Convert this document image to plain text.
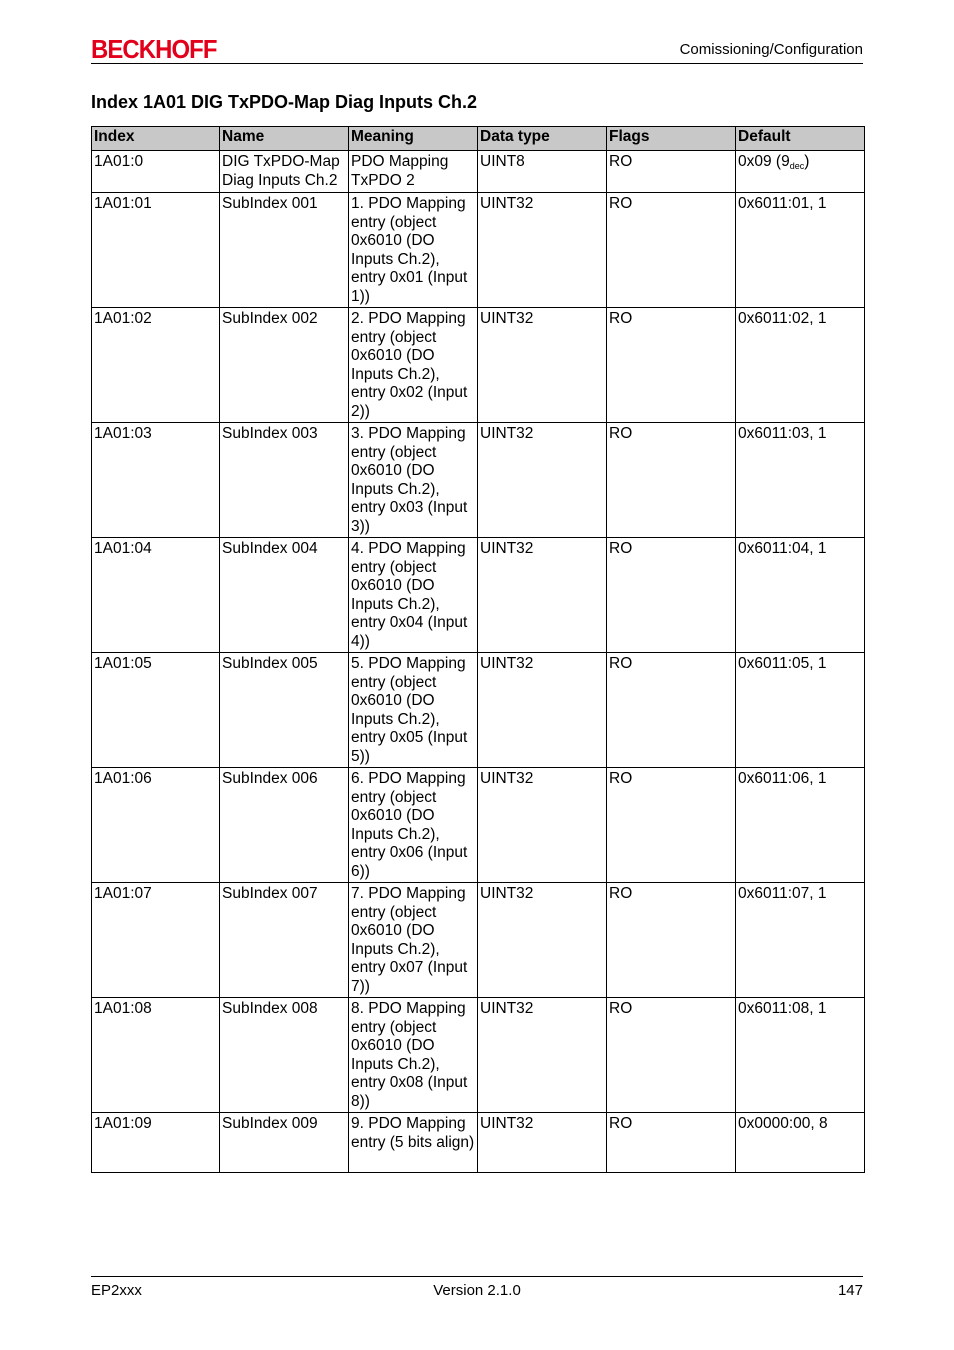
BECKHOFF	Comissioning/Configuration
Index 1A01 DIG TxPDO-Map Diag Inputs Ch.2
Index	Name	Meaning	Data type	Flags	Default
1A01:0	DIG TxPDO-Map Diag Inputs Ch.2	PDO Mapping TxPDO 2	UINT8	RO	0x09 $(9_{dec})$
1A01:01	SubIndex 001	1. PDO Mapping entry (object 0x6010 (DO Inputs Ch.2), entry 0x01 (Input 1))	UINT32	RO	0x6011:01, 1
1A01:02	SubIndex 002	2. PDO Mapping entry (object 0x6010 (DO Inputs Ch.2), entry 0x02 (Input 2))	UINT32	RO	0x6011:02, 1
1A01:03	SubIndex 003	3. PDO Mapping entry (object 0x6010 (DO Inputs Ch.2), entry 0x03 (Input 3))	UINT32	RO	0x6011:03, 1
1A01:04	SubIndex 004	4. PDO Mapping entry (object 0x6010 (DO Inputs Ch.2), entry 0x04 (Input 4))	UINT32	RO	0x6011:04, 1
1A01:05	SubIndex 005	5. PDO Mapping entry (object 0x6010 (DO Inputs Ch.2), entry 0x05 (Input 5))	UINT32	RO	0x6011:05, 1
1A01:06	SubIndex 006	6. PDO Mapping entry (object 0x6010 (DO Inputs Ch.2), entry 0x06 (Input 6))	UINT32	RO	0x6011:06, 1
1A01:07	SubIndex 007	7. PDO Mapping entry (object 0x6010 (DO Inputs Ch.2), entry 0x07 (Input 7))	UINT32	RO	0x6011:07, 1
1A01:08	SubIndex 008	8. PDO Mapping entry (object 0x6010 (DO Inputs Ch.2), entry 0x08 (Input 8))	UINT32	RO	0x6011:08, 1
1A01:09	SubIndex 009	9. PDO Mapping entry (5 bits align)	UINT32	RO	0x0000:00, 8
EP2xxx	Version 2.1.0	147
